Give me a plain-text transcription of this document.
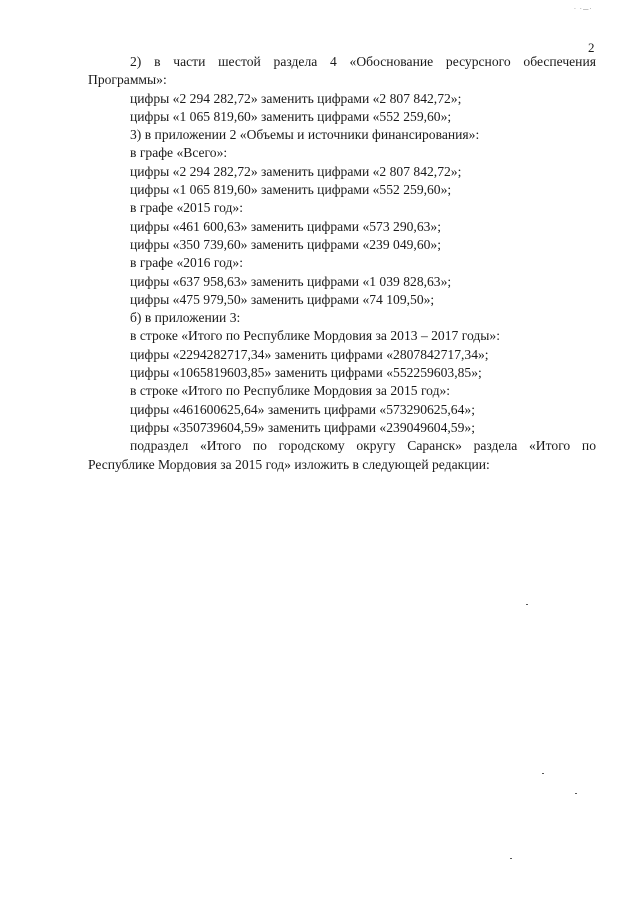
· ·—·
2
2) в части шестой раздела 4 «Обоснование ресурсного обеспечения
Программы»:
цифры «2 294 282,72» заменить цифрами «2 807 842,72»;
цифры «1 065 819,60» заменить цифрами «552 259,60»;
3) в приложении 2 «Объемы и источники финансирования»:
в графе «Всего»:
цифры «2 294 282,72» заменить цифрами «2 807 842,72»;
цифры «1 065 819,60» заменить цифрами «552 259,60»;
в графе «2015 год»:
цифры «461 600,63» заменить цифрами «573 290,63»;
цифры «350 739,60» заменить цифрами «239 049,60»;
в графе «2016 год»:
цифры «637 958,63» заменить цифрами «1 039 828,63»;
цифры «475 979,50» заменить цифрами «74 109,50»;
б) в приложении 3:
в строке «Итого по Республике Мордовия за 2013 – 2017 годы»:
цифры «2294282717,34» заменить цифрами «2807842717,34»;
цифры «1065819603,85» заменить цифрами «552259603,85»;
в строке «Итого по Республике Мордовия за 2015 год»:
цифры «461600625,64» заменить цифрами «573290625,64»;
цифры «350739604,59» заменить цифрами «239049604,59»;
подраздел «Итого по городскому округу Саранск» раздела «Итого по
Республике Мордовия за 2015 год» изложить в следующей редакции:
